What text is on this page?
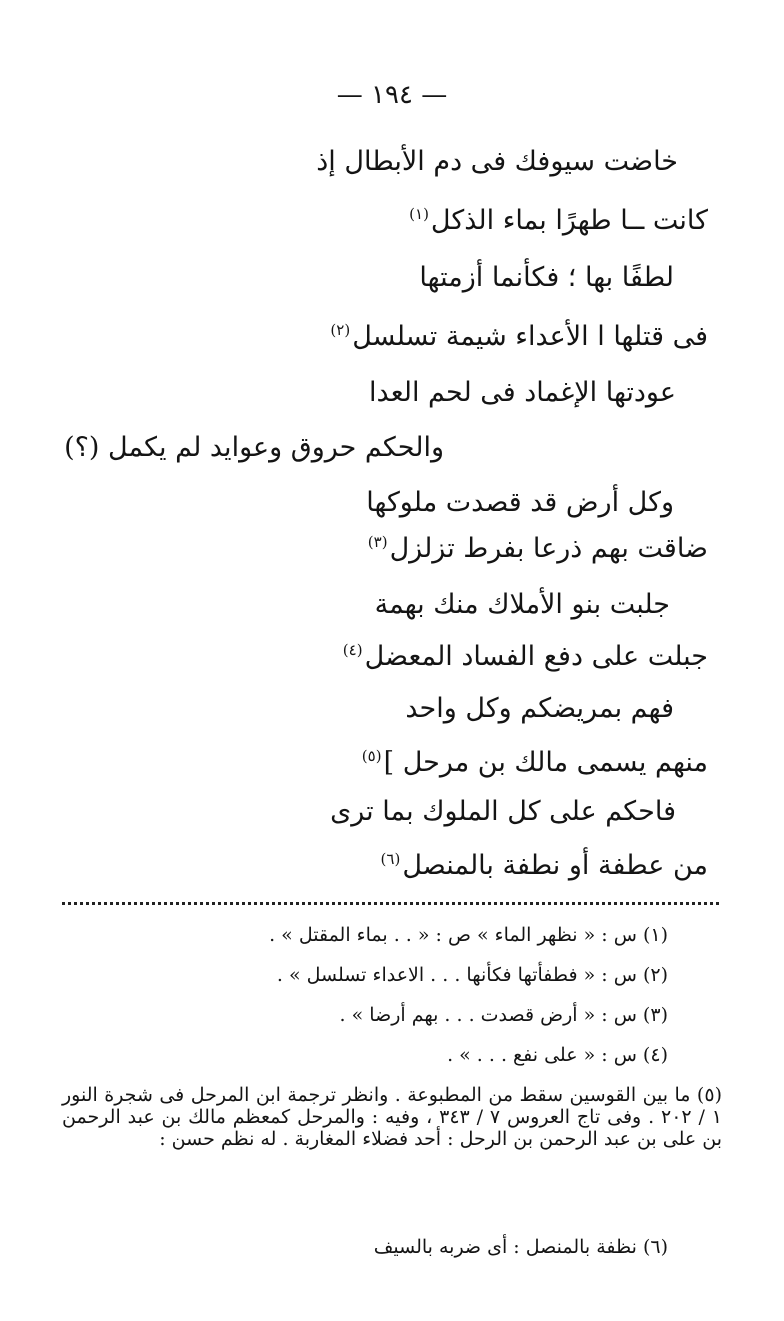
— ١٩٤ —
خاضت سيوفك فى دم الأبطال إذ
كانت ــا طهرًا بماء الذكل$^{(١)}$
لطفًا بها ؛ فكأنما أزمتها
فى قتلها ا الأعداء شيمة تسلسل$^{(٢)}$
عودتها الإغماد فى لحم العدا
والحكم حروق وعوايد لم يكمل (؟)
وكل أرض قد قصدت ملوكها
ضاقت بهم ذرعا بفرط تزلزل$^{(٣)}$
جلبت بنو الأملاك منك بهمة
جبلت على دفع الفساد المعضل$^{(٤)}$
فهم بمريضكم وكل واحد
منهم يسمى مالك بن مرحل ]$^{(٥)}$
فاحكم على كل الملوك بما ترى
من عطفة أو نطفة بالمنصل$^{(٦)}$
(١) س : « نظهر الماء » ص : « . . بماء المقتل » .
(٢) س : « فطفأتها فكأنها . . . الاعداء تسلسل » .
(٣) س : « أرض قصدت . . . بهم أرضا » .
(٤) س : « على نفع . . . » .
(٥) ما بين القوسين سقط من المطبوعة . وانظر ترجمة ابن المرحل فى شجرة النور ١ / ٢٠٢ . وفى تاج العروس ٧ / ٣٤٣ ، وفيه : والمرحل كمعظم مالك بن عبد الرحمن بن على بن عبد الرحمن بن الرحل : أحد فضلاء المغاربة . له نظم حسن :
(٦) نظفة بالمنصل : أى ضربه بالسيف
